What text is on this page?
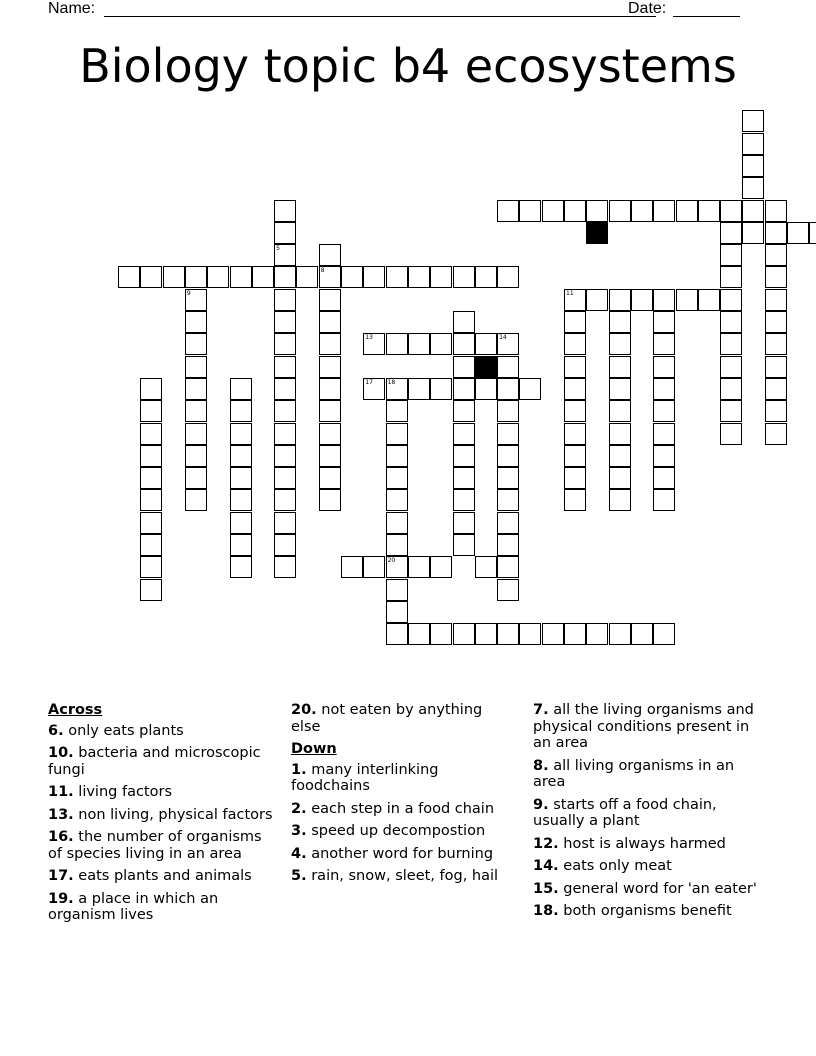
Name:	Date:
Biology topic b4 ecosystems
8
5
9
17 18
13	14
20
11
Across
6. only eats plants
10. bacteria and microscopic fungi
11. living factors
13. non living, physical factors
16. the number of organisms of species living in an area
17. eats plants and animals
19. a place in which an organism lives
20. not eaten by anything else
Down
1. many interlinking foodchains
2. each step in a food chain
3. speed up decompostion
4. another word for burning
5. rain, snow, sleet, fog, hail
7. all the living organisms and physical conditions present in an area
8. all living organisms in an area
9. starts off a food chain, usually a plant
12. host is always harmed
14. eats only meat
15. general word for 'an eater'
18. both organisms benefit
